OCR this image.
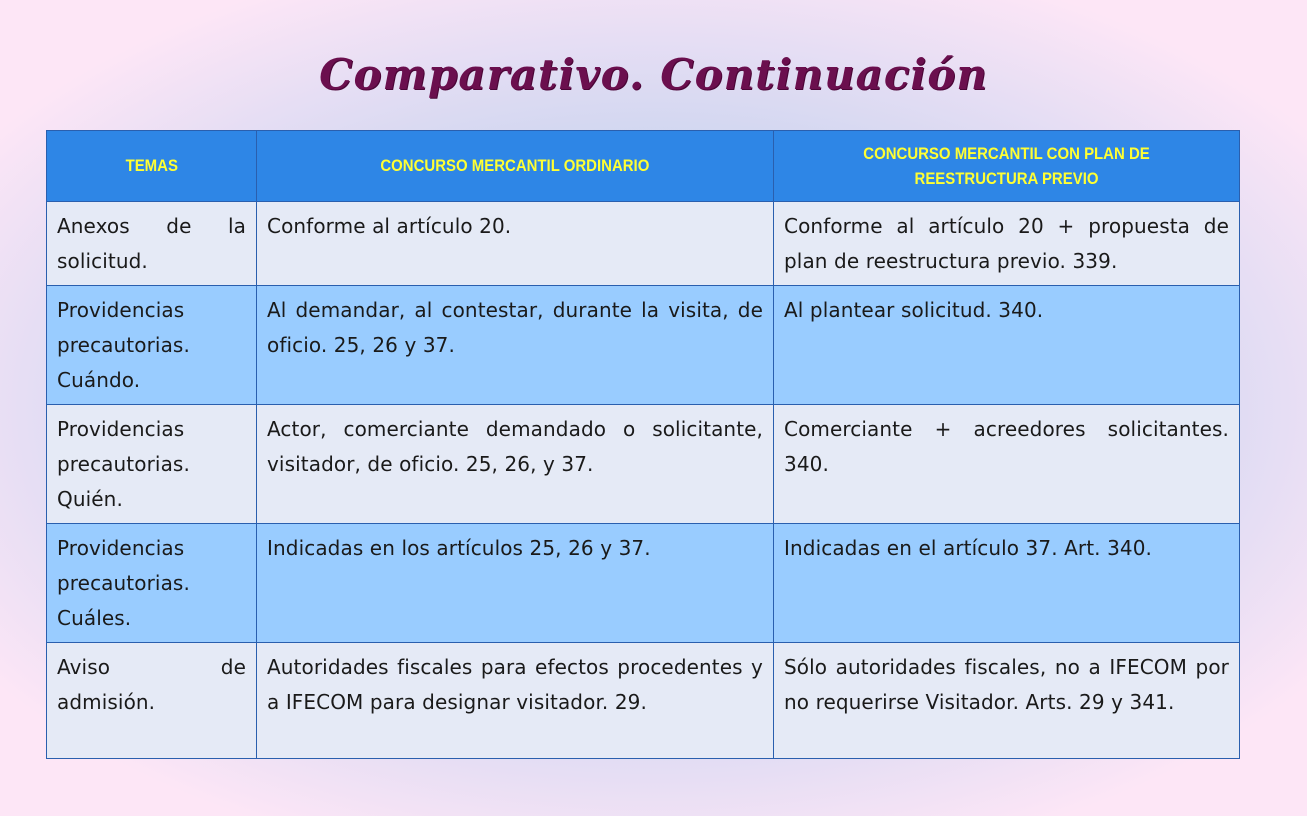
Comparativo. Continuación
TEMAS	CONCURSO MERCANTIL ORDINARIO	CONCURSO MERCANTIL CON PLAN DE REESTRUCTURA PREVIO
Anexos de la solicitud.	Conforme al artículo 20.	Conforme al artículo 20 + propuesta de plan de reestructura previo. 339.
Providencias precautorias. Cuándo.	Al demandar, al contestar, durante la visita, de oficio. 25, 26 y 37.	Al plantear solicitud. 340.
Providencias precautorias. Quién.	Actor, comerciante demandado o solicitante, visitador, de oficio. 25, 26, y 37.	Comerciante + acreedores solicitantes. 340.
Providencias precautorias. Cuáles.	Indicadas en los artículos 25, 26 y 37.	Indicadas en el artículo 37. Art. 340.
Aviso de admisión.	Autoridades fiscales para efectos procedentes y a IFECOM para designar visitador. 29.	Sólo autoridades fiscales, no a IFECOM por no requerirse Visitador. Arts. 29 y 341.
